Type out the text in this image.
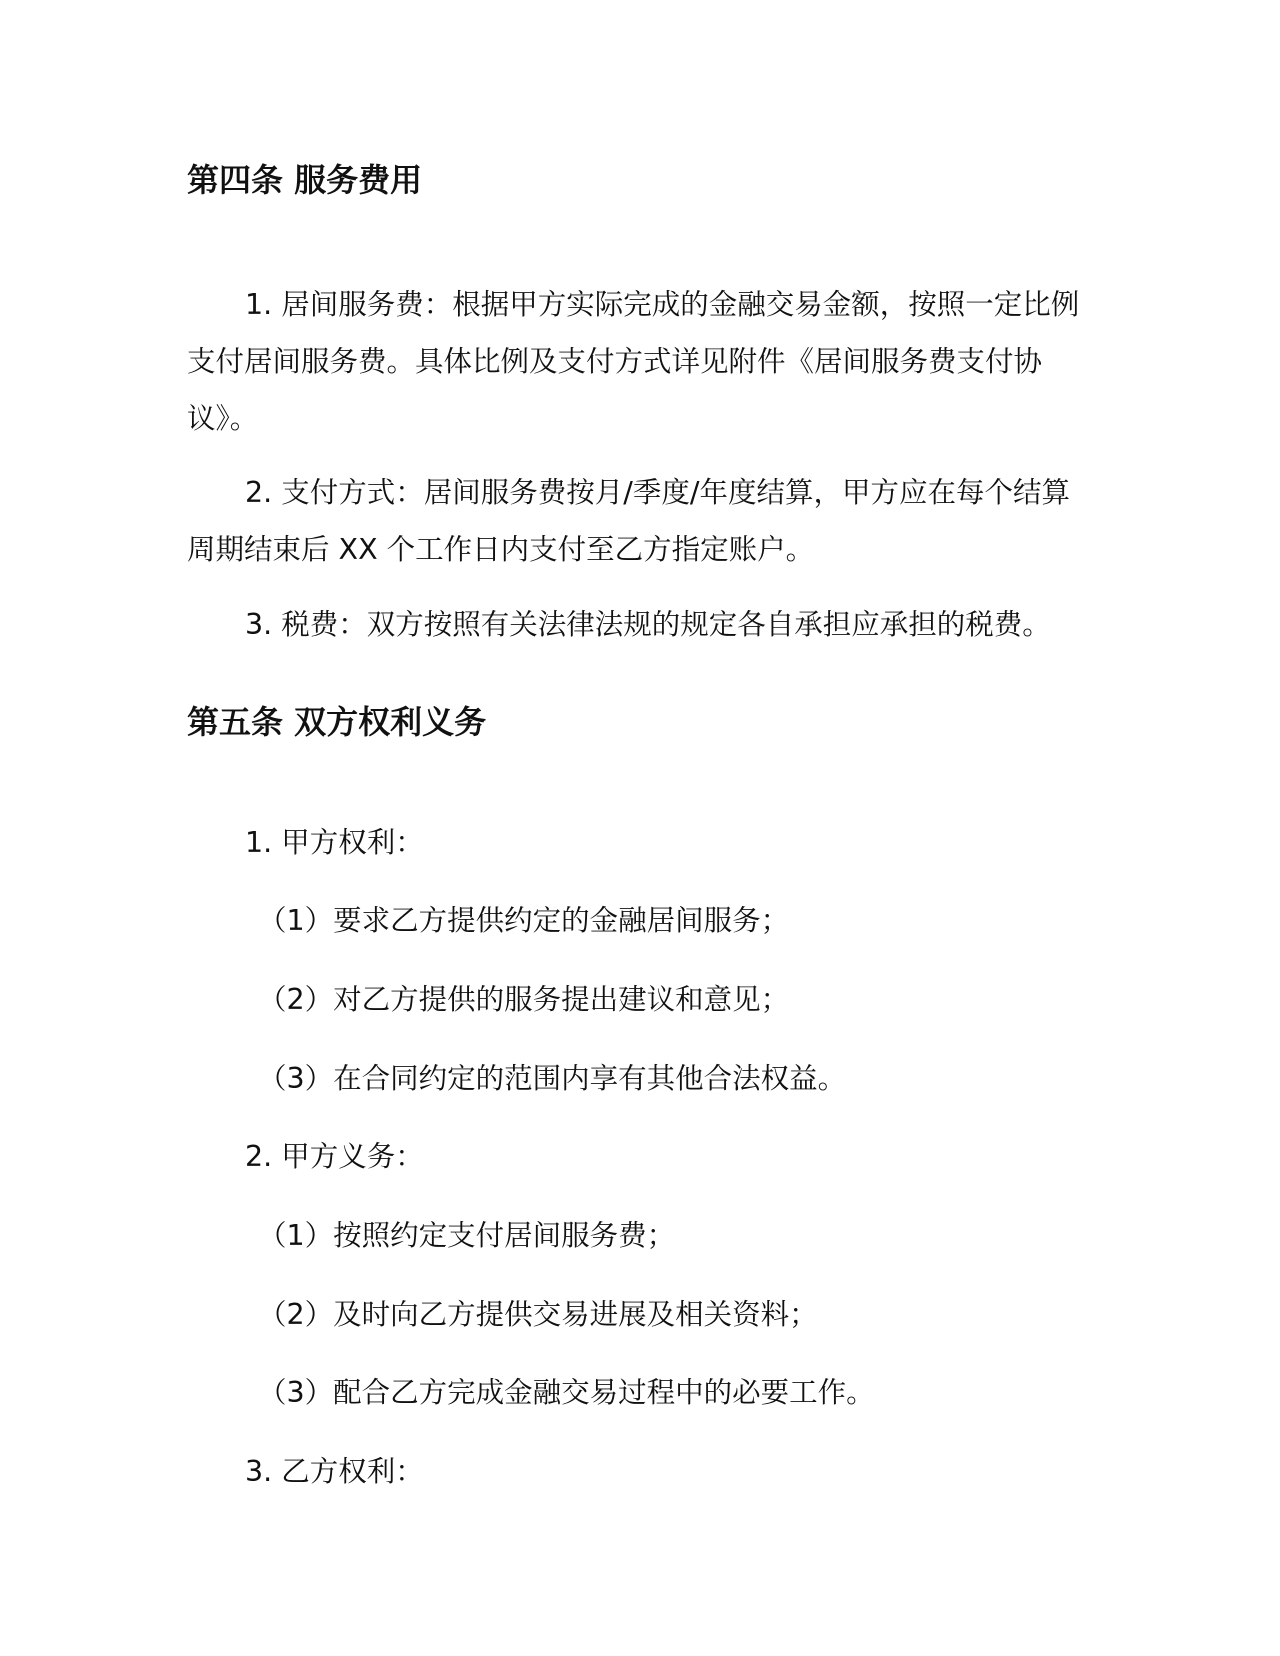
第四条 服务费用

1. 居间服务费：根据甲方实际完成的金融交易金额，按照一定比例支付居间服务费。具体比例及支付方式详见附件《居间服务费支付协议》。

2. 支付方式：居间服务费按月/季度/年度结算，甲方应在每个结算周期结束后 XX 个工作日内支付至乙方指定账户。

3. 税费：双方按照有关法律法规的规定各自承担应承担的税费。

第五条 双方权利义务

1. 甲方权利：

（1）要求乙方提供约定的金融居间服务；

（2）对乙方提供的服务提出建议和意见；

（3）在合同约定的范围内享有其他合法权益。

2. 甲方义务：

（1）按照约定支付居间服务费；

（2）及时向乙方提供交易进展及相关资料；

（3）配合乙方完成金融交易过程中的必要工作。

3. 乙方权利：
